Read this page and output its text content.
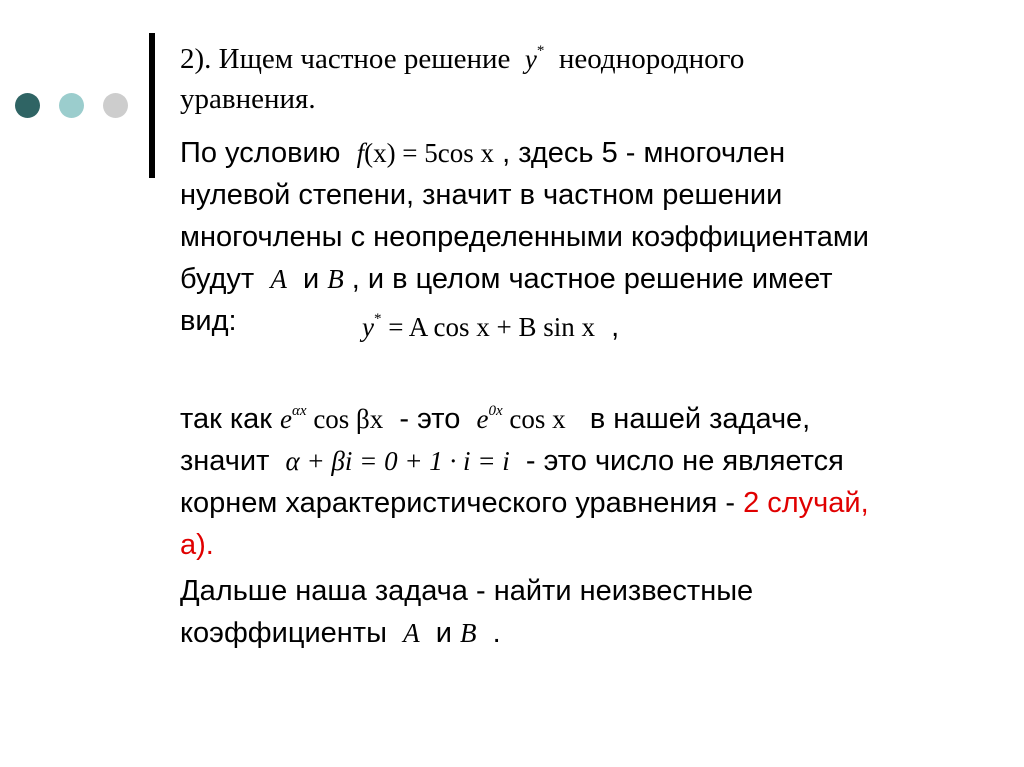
2). Ищем частное решение y* неоднородного
уравнения.
По условию f(x) = 5cos x , здесь 5 - многочлен
нулевой степени, значит в частном решении
многочлены с неопределенными коэффициентами
будут A и B , и в целом частное решение имеет
вид:	y* = A cos x + B sin x ,
так как $e^{\alpha x}$ cos βx - это $e^{0x}$ cos x в нашей задаче,
значит α + βi = 0 + 1 · i = i - это число не является
корнем характеристического уравнения - 2 случай,
а).
Дальше наша задача - найти неизвестные
коэффициенты A и B .
